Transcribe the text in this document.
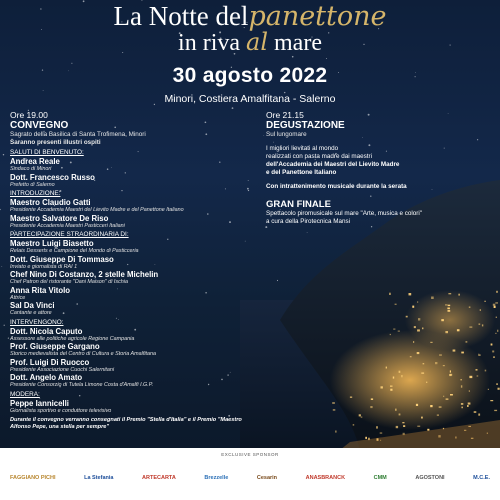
La Notte delpanettone
in riva al mare
30 agosto 2022
Minori, Costiera Amalfitana - Salerno
Ore 19.00
CONVEGNO
Sagrato della Basilica di Santa Trofimena, Minori
Saranno presenti illustri ospiti
SALUTI DI BENVENUTO:
Andrea Reale
Sindaco di Minori
Dott. Francesco Russo
Prefetto di Salerno
INTRODUZIONE:
Maestro Claudio Gatti
Presidente Accademia Maestri del Lievito Madre e del Panettone Italiano
Maestro Salvatore De Riso
Presidente Accademia Maestri Pasticceri Italiani
PARTECIPAZIONE STRAORDINARIA DI:
Maestro Luigi Biasetto
Relais Desserts e Campione del Mondo di Pasticceria
Dott. Giuseppe Di Tommaso
Inviato e giornalista di RAI 1
Chef Nino Di Costanzo, 2 stelle Michelin
Chef Patron del ristorante "Dani Maison" di Ischia
Anna Rita Vitolo
Attrice
Sal Da Vinci
Cantante e attore
INTERVENGONO:
Dott. Nicola Caputo
Assessore alle politiche agricole Regione Campania
Prof. Giuseppe Gargano
Storico medievalista del Centro di Cultura e Storia Amalfitana
Prof. Luigi Di Ruocco
Presidente Associazione Cuochi Salernitani
Dott. Angelo Amato
Presidente Consorzio di Tutela Limone Costa d'Amalfi I.G.P.
MODERA:
Peppe Iannicelli
Giornalista sportivo e conduttore televisivo
Durante il convegno verranno consegnati il Premio "Stella d'Italia" e il Premio "Maestro Alfonso Pepe, una stella per sempre"
Ore 21.15
DEGUSTAZIONE
Sul lungomare
I migliori lievitati al mondo
realizzati con pasta madre dai maestri
dell'Accademia dei Maestri del Lievito Madre
e del Panettone Italiano
Con intrattenimento musicale durante la serata
GRAN FINALE
Spettacolo piromusicale sul mare "Arte, musica e colori"
a cura della Pirotecnica Mansi
EXCLUSIVE SPONSOR
FAGGIANO PICHI	La Stefania	ARTECARTA	Brezzelle	Cesarin	ANASBRANCK	CMM	AGOSTONI	M.C.E.
